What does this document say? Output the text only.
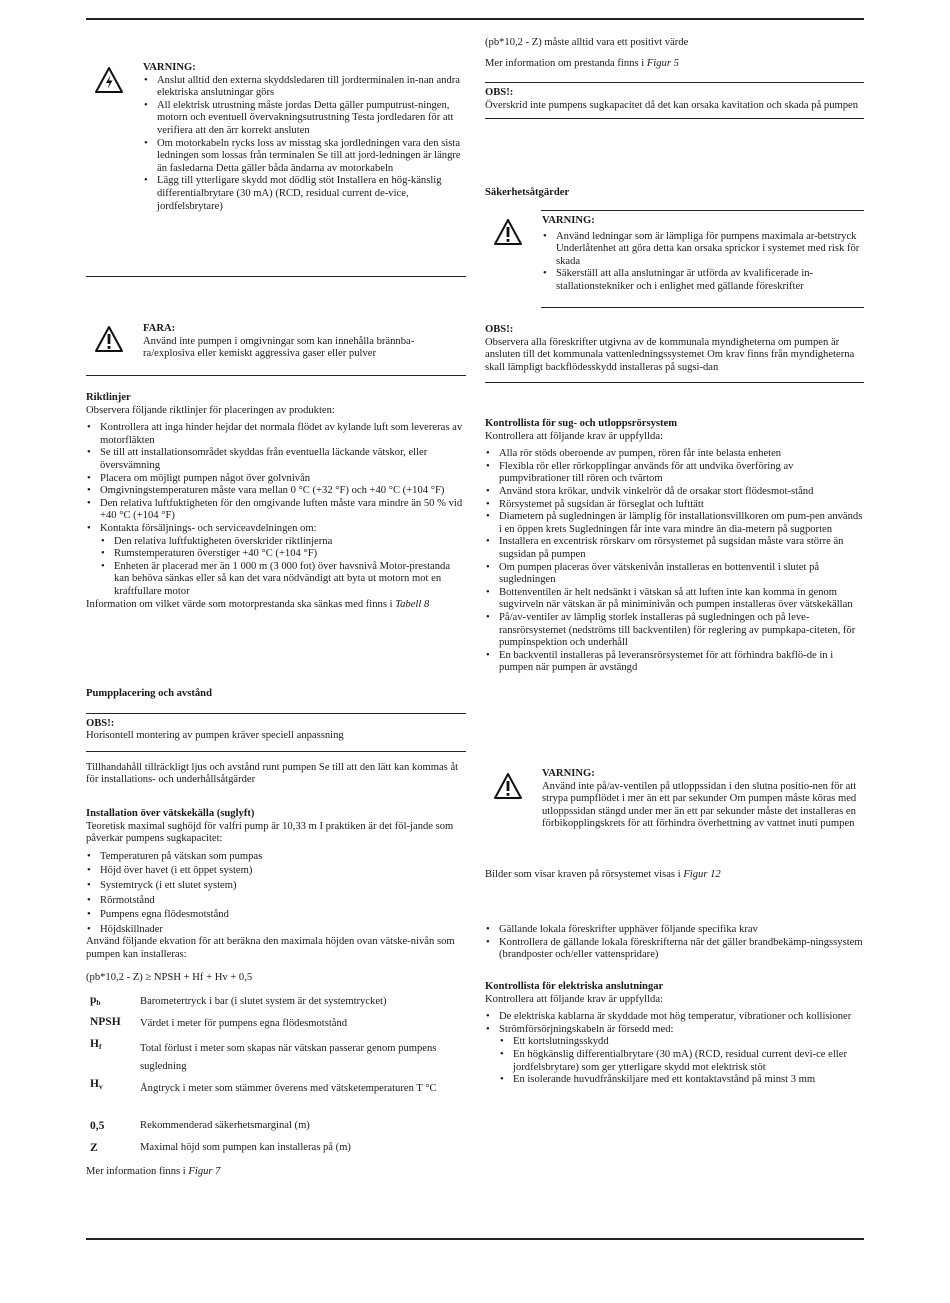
VARNING:

• Anslut alltid den externa skyddsledaren till jordterminalen in-nan andra elektriska anslutningar görs
• All elektrisk utrustning måste jordas Detta gäller pumputrust-ningen, motorn och eventuell övervakningsutrustning Testa jordledaren för att verifiera att den ärr korrekt ansluten
• Om motorkabeln rycks loss av misstag ska jordledningen vara den sista ledningen som lossas från terminalen Se till att jord-ledningen är längre än fasledarna Detta gäller båda ändarna av motorkabeln
• Lägg till ytterligare skydd mot dödlig stöt Installera en hög-känslig differentialbrytare (30 mA) (RCD, residual current de-vice, jordfelsbrytare)

FARA:

Använd inte pumpen i omgivningar som kan innehålla brännba-ra/explosiva eller kemiskt aggressiva gaser eller pulver

Riktlinjer

Observera följande riktlinjer för placeringen av produkten:

• Kontrollera att inga hinder hejdar det normala flödet av kylande luft som levereras av motorfläkten
• Se till att installationsområdet skyddas från eventuella läckande vätskor, eller översvämning
• Placera om möjligt pumpen något över golvnivån
• Omgivningstemperaturen måste vara mellan 0 °C (+32 °F) och +40 °C (+104 °F)
• Den relativa luftfuktigheten för den omgivande luften måste vara mindre än 50 % vid +40 °C (+104 °F)
• Kontakta försäljnings- och serviceavdelningen om:
• Den relativa luftfuktigheten överskrider riktlinjerna
• Rumstemperaturen överstiger +40 °C (+104 °F)
• Enheten är placerad mer än 1 000 m (3 000 fot) över havsnivå Motor-prestanda kan behöva sänkas eller så kan det vara nödvändigt att byta ut motorn mot en kraftfullare motor

Information om vilket värde som motorprestanda ska sänkas med finns i Tabell 8

Pumpplacering och avstånd

OBS!:

Horisontell montering av pumpen kräver speciell anpassning

Tillhandahåll tillräckligt ljus och avstånd runt pumpen Se till att den lätt kan kommas åt för installations- och underhållsåtgärder

Installation över vätskekälla (suglyft)

Teoretisk maximal sughöjd för valfri pump är 10,33 m I praktiken är det föl-jande som påverkar pumpens sugkapacitet:

• Temperaturen på vätskan som pumpas
• Höjd över havet (i ett öppet system)
• Systemtryck (i ett slutet system)
• Rörmotstånd
• Pumpens egna flödesmotstånd
• Höjdskillnader

Använd följande ekvation för att beräkna den maximala höjden ovan vätske-nivån som pumpen kan installeras:

(pb*10,2 - Z) ≥ NPSH + Hf + Hv + 0,5

$p_b$	Barometertryck i bar (i slutet system är det systemtrycket)
NPSH	Värdet i meter för pumpens egna flödesmotstånd
$H_f$	Total förlust i meter som skapas när vätskan passerar genom pumpens sugledning
$H_v$	Ångtryck i meter som stämmer överens med vätsketemperaturen T °C
0,5	Rekommenderad säkerhetsmarginal (m)
Z	Maximal höjd som pumpen kan installeras på (m)

Mer information finns i Figur 7

(pb*10,2 - Z) måste alltid vara ett positivt värde

Mer information om prestanda finns i Figur 5

OBS!:

Överskrid inte pumpens sugkapacitet då det kan orsaka kavitation och skada på pumpen

Säkerhetsåtgärder

VARNING:

• Använd ledningar som är lämpliga för pumpens maximala ar-betstryck Underlåtenhet att göra detta kan orsaka sprickor i systemet med risk för skada
• Säkerställ att alla anslutningar är utförda av kvalificerade in-stallationstekniker och i enlighet med gällande föreskrifter

OBS!:

Observera alla föreskrifter utgivna av de kommunala myndigheterna om pumpen är ansluten till det kommunala vattenledningssystemet Om krav finns från myndigheterna skall lämpligt backflödesskydd installeras på sugsi-dan

Kontrollista för sug- och utloppsrörsystem

Kontrollera att följande krav är uppfyllda:

• Alla rör stöds oberoende av pumpen, rören får inte belasta enheten
• Flexibla rör eller rörkopplingar används för att undvika överföring av pumpvibrationer till rören och tvärtom
• Använd stora krökar, undvik vinkelrör då de orsakar stort flödesmot-stånd
• Rörsystemet på sugsidan är förseglat och lufttätt
• Diametern på sugledningen är lämplig för installationsvillkoren om pum-pen används i en öppen krets Sugledningen får inte vara mindre än dia-metern på sugporten
• Installera en excentrisk rörskarv om rörsystemet på sugsidan måste vara större än sugsidan på pumpen
• Om pumpen placeras över vätskenivån installeras en bottenventil i slutet på sugledningen
• Bottenventilen är helt nedsänkt i vätskan så att luften inte kan komma in genom sugvirveln när vätskan är på miniminivån och pumpen installeras över vätskekällan
• På/av-ventiler av lämplig storlek installeras på sugledningen och på leve-ransrörsystemet (nedströms till backventilen) för reglering av pumpkapa-citeten, för pumpinspektion och underhåll
• En backventil installeras på leveransrörsystemet för att förhindra bakflö-de in i pumpen när pumpen är avstängd

VARNING:

Använd inte på/av-ventilen på utloppssidan i den slutna positio-nen för att strypa pumpflödet i mer än ett par sekunder Om pumpen måste köras med utloppssidan stängd under mer än ett par sekunder måste det installeras en förbikopplingskrets för att förhindra överhettning av vattnet inuti pumpen

Bilder som visar kraven på rörsystemet visas i Figur 12

• Gällande lokala föreskrifter upphäver följande specifika krav
• Kontrollera de gällande lokala föreskrifterna när det gäller brandbekämp-ningssystem (brandposter och/eller vattenspridare)

Kontrollista för elektriska anslutningar

Kontrollera att följande krav är uppfyllda:

• De elektriska kablarna är skyddade mot hög temperatur, vibrationer och kollisioner
• Strömförsörjningskabeln är försedd med:
• Ett kortslutningsskydd
• En högkänslig differentialbrytare (30 mA) (RCD, residual current devi-ce eller jordfelsbrytare) som ger ytterligare skydd mot elektrisk stöt
• En isolerande huvudfrånskiljare med ett kontaktavstånd på minst 3 mm
